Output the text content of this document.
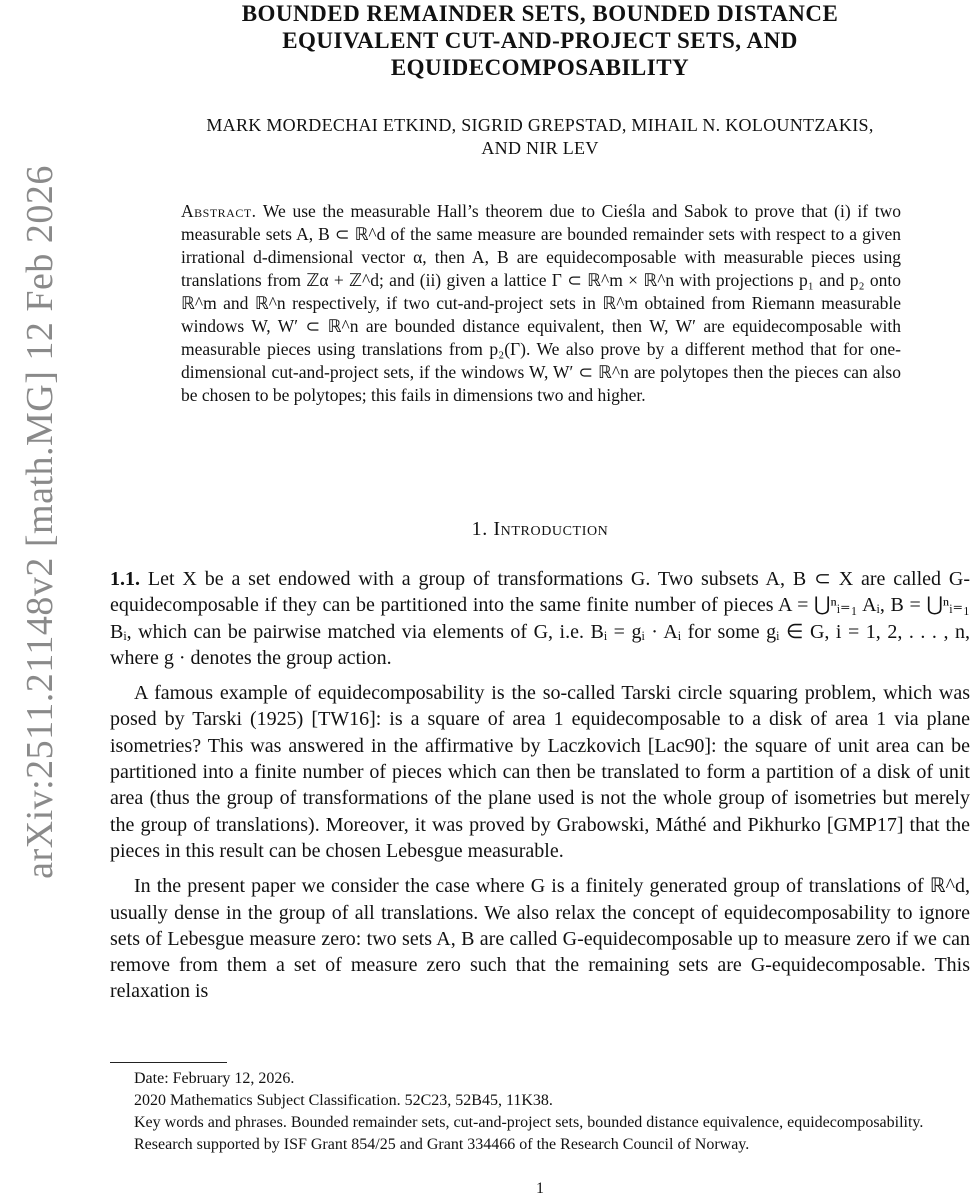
arXiv:2511.21148v2 [math.MG] 12 Feb 2026
BOUNDED REMAINDER SETS, BOUNDED DISTANCE
EQUIVALENT CUT-AND-PROJECT SETS, AND
EQUIDECOMPOSABILITY
MARK MORDECHAI ETKIND, SIGRID GREPSTAD, MIHAIL N. KOLOUNTZAKIS,
AND NIR LEV
Abstract. We use the measurable Hall’s theorem due to Cieśla and Sabok to prove that (i) if two measurable sets A, B ⊂ ℝ^d of the same measure are bounded remainder sets with respect to a given irrational d-dimensional vector α, then A, B are equidecomposable with measurable pieces using translations from ℤα + ℤ^d; and (ii) given a lattice Γ ⊂ ℝ^m × ℝ^n with projections p₁ and p₂ onto ℝ^m and ℝ^n respectively, if two cut-and-project sets in ℝ^m obtained from Riemann measurable windows W, W′ ⊂ ℝ^n are bounded distance equivalent, then W, W′ are equidecomposable with measurable pieces using translations from p₂(Γ). We also prove by a different method that for one-dimensional cut-and-project sets, if the windows W, W′ ⊂ ℝ^n are polytopes then the pieces can also be chosen to be polytopes; this fails in dimensions two and higher.
1. Introduction

1.1. Let X be a set endowed with a group of transformations G. Two subsets A, B ⊂ X are called G-equidecomposable if they can be partitioned into the same finite number of pieces A = ⋃ⁿᵢ₌₁ Aᵢ, B = ⋃ⁿᵢ₌₁ Bᵢ, which can be pairwise matched via elements of G, i.e. Bᵢ = gᵢ · Aᵢ for some gᵢ ∈ G, i = 1, 2, . . . , n, where g · denotes the group action.

A famous example of equidecomposability is the so-called Tarski circle squaring problem, which was posed by Tarski (1925) [TW16]: is a square of area 1 equidecomposable to a disk of area 1 via plane isometries? This was answered in the affirmative by Laczkovich [Lac90]: the square of unit area can be partitioned into a finite number of pieces which can then be translated to form a partition of a disk of unit area (thus the group of transformations of the plane used is not the whole group of isometries but merely the group of translations). Moreover, it was proved by Grabowski, Máthé and Pikhurko [GMP17] that the pieces in this result can be chosen Lebesgue measurable.

In the present paper we consider the case where G is a finitely generated group of translations of ℝ^d, usually dense in the group of all translations. We also relax the concept of equidecomposability to ignore sets of Lebesgue measure zero: two sets A, B are called G-equidecomposable up to measure zero if we can remove from them a set of measure zero such that the remaining sets are G-equidecomposable. This relaxation is

Date: February 12, 2026.
2020 Mathematics Subject Classification. 52C23, 52B45, 11K38.
Key words and phrases. Bounded remainder sets, cut-and-project sets, bounded distance equivalence, equidecomposability.
Research supported by ISF Grant 854/25 and Grant 334466 of the Research Council of Norway.
1
